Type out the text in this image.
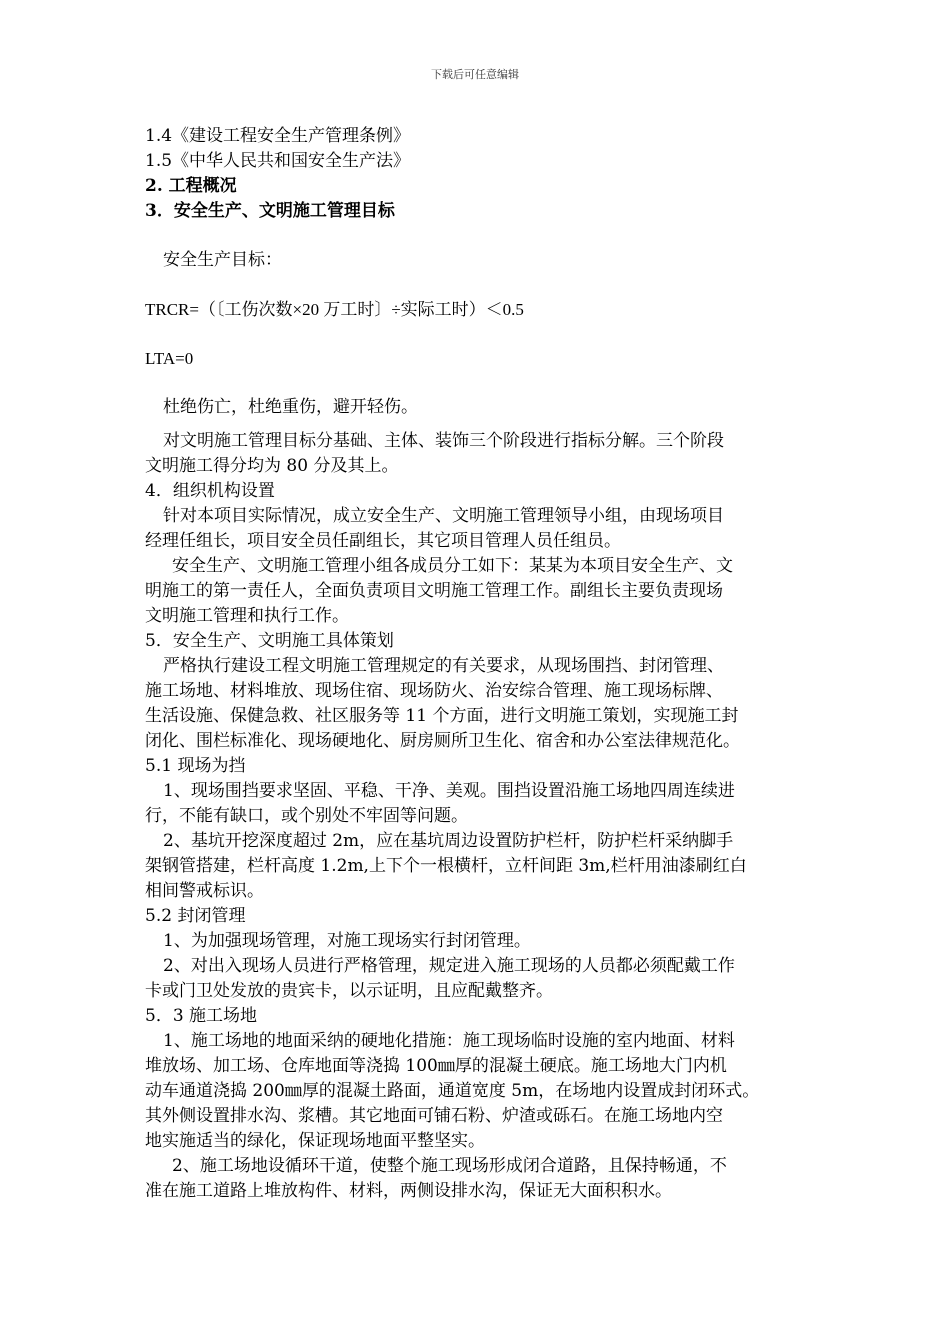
下载后可任意编辑
1.4《建设工程安全生产管理条例》
1.5《中华人民共和国安全生产法》
2. 工程概况
3．安全生产、文明施工管理目标
安全生产目标：
TRCR=（〔工伤次数×20 万工时〕÷实际工时）＜0.5
LTA=0
杜绝伤亡，杜绝重伤，避开轻伤。
对文明施工管理目标分基础、主体、装饰三个阶段进行指标分解。三个阶段
文明施工得分均为 80 分及其上。
4．组织机构设置
针对本项目实际情况，成立安全生产、文明施工管理领导小组，由现场项目
经理任组长，项目安全员任副组长，其它项目管理人员任组员。
安全生产、文明施工管理小组各成员分工如下：某某为本项目安全生产、文
明施工的第一责任人，全面负责项目文明施工管理工作。副组长主要负责现场
文明施工管理和执行工作。
5．安全生产、文明施工具体策划
严格执行建设工程文明施工管理规定的有关要求，从现场围挡、封闭管理、
施工场地、材料堆放、现场住宿、现场防火、治安综合管理、施工现场标牌、
生活设施、保健急救、社区服务等 11 个方面，进行文明施工策划，实现施工封
闭化、围栏标准化、现场硬地化、厨房厕所卫生化、宿舍和办公室法律规范化。
5.1 现场为挡
1、现场围挡要求坚固、平稳、干净、美观。围挡设置沿施工场地四周连续进
行，不能有缺口，或个别处不牢固等问题。
2、基坑开挖深度超过 2m，应在基坑周边设置防护栏杆，防护栏杆采纳脚手
架钢管搭建，栏杆高度 1.2m,上下个一根横杆，立杆间距 3m,栏杆用油漆刷红白
相间警戒标识。
5.2 封闭管理
1、为加强现场管理，对施工现场实行封闭管理。
2、对出入现场人员进行严格管理，规定进入施工现场的人员都必须配戴工作
卡或门卫处发放的贵宾卡，以示证明，且应配戴整齐。
5．3 施工场地
1、施工场地的地面采纳的硬地化措施：施工现场临时设施的室内地面、材料
堆放场、加工场、仓库地面等浇捣 100㎜厚的混凝土硬底。施工场地大门内机
动车通道浇捣 200㎜厚的混凝土路面，通道宽度 5m，在场地内设置成封闭环式。
其外侧设置排水沟、浆槽。其它地面可铺石粉、炉渣或砾石。在施工场地内空
地实施适当的绿化，保证现场地面平整坚实。
2、施工场地设循环干道，使整个施工现场形成闭合道路，且保持畅通，不
准在施工道路上堆放构件、材料，两侧设排水沟，保证无大面积积水。
